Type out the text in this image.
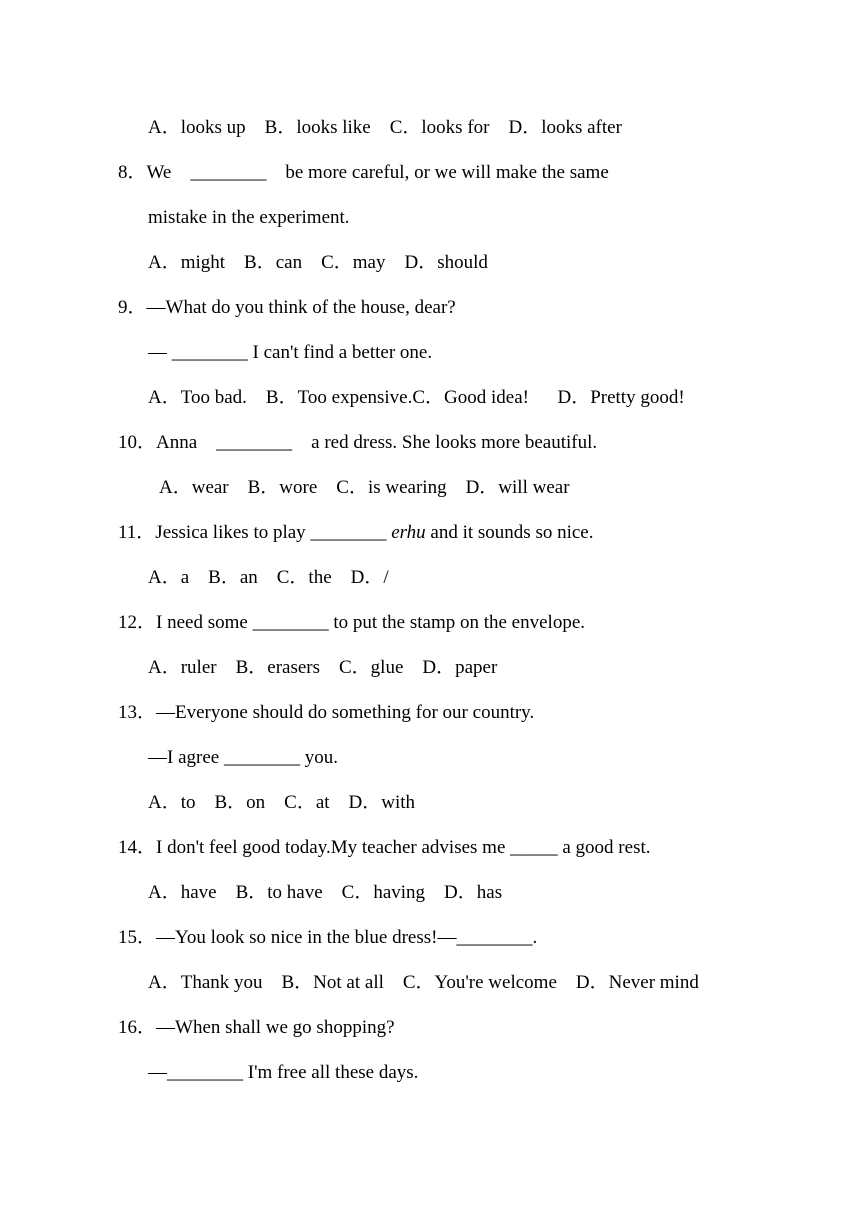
A．looks up    B．looks like    C．looks for    D．looks after
8．We    ________    be more careful, or we will make the same
mistake in the experiment.
A．might    B．can    C．may    D．should
9．—What do you think of the house, dear?
— ________ I can't find a better one.
A．Too bad.    B．Too expensive.C．Good idea!      D．Pretty good!
10．Anna    ________    a red dress. She looks more beautiful.
A．wear    B．wore    C．is wearing    D．will wear
11．Jessica likes to play ________ erhu and it sounds so nice.
A．a    B．an    C．the    D．/
12．I need some ________ to put the stamp on the envelope.
A．ruler    B．erasers    C．glue    D．paper
13．—Everyone should do something for our country.
—I agree ________ you.
A．to    B．on    C．at    D．with
14．I don't feel good today.My teacher advises me _____ a good rest.
A．have    B．to have    C．having    D．has
15．—You look so nice in the blue dress!—________.
A．Thank you    B．Not at all    C．You're welcome    D．Never mind
16．—When shall we go shopping?
—________ I'm free all these days.
